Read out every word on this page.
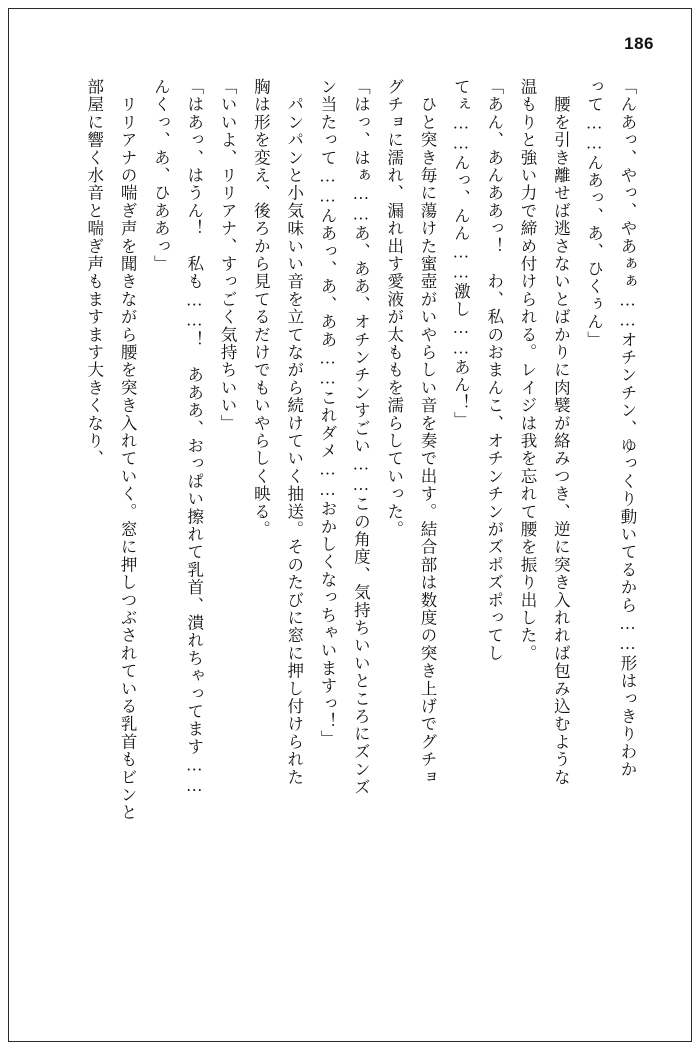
186

「んあっ、やっ、やあぁぁ……オチンチン、ゆっくり動いてるから……形はっきりわか

って……んあっ、あ、ひくぅん」

　腰を引き離せば逃さないとばかりに肉襞が絡みつき、逆に突き入れれば包み込むような

温もりと強い力で締め付けられる。レイジは我を忘れて腰を振り出した。

「あん、あんああっ！　わ、私のおまんこ、オチンチンがズポズポってし

てぇ……んっ、んん……激し……あん！」

　ひと突き毎に蕩けた蜜壺がいやらしい音を奏で出す。結合部は数度の突き上げでグチョ

グチョに濡れ、漏れ出す愛液が太ももを濡らしていった。

「はっ、はぁ……あ、ああ、オチンチンすごい……この角度、気持ちいいところにズンズ

ン当たって……んあっ、あ、ああ……これダメ……おかしくなっちゃいますっ！」

　パンパンと小気味いい音を立てながら続けていく抽送。そのたびに窓に押し付けられた

胸は形を変え、後ろから見てるだけでもいやらしく映る。

「いいよ、リリアナ、すっごく気持ちいい」

「はあっ、はうん！　私も……！　あああ、おっぱい擦れて乳首、潰れちゃってます……

んくっ、あ、ひああっ」

　リリアナの喘ぎ声を聞きながら腰を突き入れていく。窓に押しつぶされている乳首もビンと

部屋に響く水音と喘ぎ声もますます大きくなり、
